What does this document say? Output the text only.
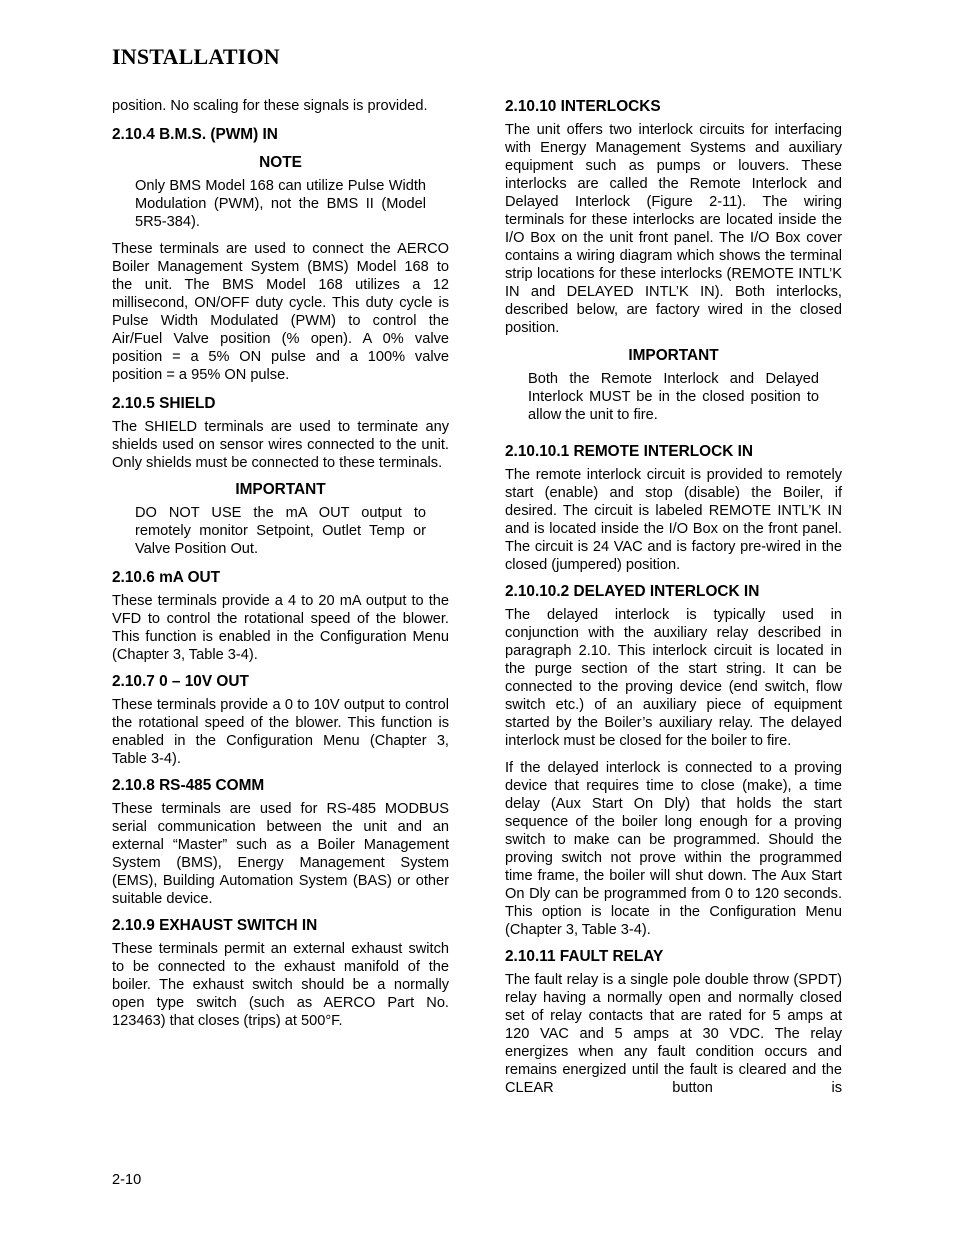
INSTALLATION

position. No scaling for these signals is provided.

2.10.4 B.M.S. (PWM) IN
NOTE

Only BMS Model 168 can utilize Pulse Width Modulation (PWM), not the BMS II (Model 5R5-384).

These terminals are used to connect the AERCO Boiler Management System (BMS) Model 168 to the unit. The BMS Model 168 utilizes a 12 millisecond, ON/OFF duty cycle. This duty cycle is Pulse Width Modulated (PWM) to control the Air/Fuel Valve position (% open). A 0% valve position = a 5% ON pulse and a 100% valve position = a 95% ON pulse.

2.10.5 SHIELD

The SHIELD terminals are used to terminate any shields used on sensor wires connected to the unit. Only shields must be connected to these terminals.

IMPORTANT

DO NOT USE the mA OUT output to remotely monitor Setpoint, Outlet Temp or Valve Position Out.

2.10.6 mA OUT

These terminals provide a 4 to 20 mA output to the VFD to control the rotational speed of the blower. This function is enabled in the Configuration Menu (Chapter 3, Table 3-4).

2.10.7 0 – 10V OUT

These terminals provide a 0 to 10V output to control the rotational speed of the blower. This function is enabled in the Configuration Menu (Chapter 3, Table 3-4).

2.10.8 RS-485 COMM

These terminals are used for RS-485 MODBUS serial communication between the unit and an external “Master” such as a Boiler Management System (BMS), Energy Management System (EMS), Building Automation System (BAS) or other suitable device.

2.10.9 EXHAUST SWITCH IN

These terminals permit an external exhaust switch to be connected to the exhaust manifold of the boiler. The exhaust switch should be a normally open type switch (such as AERCO Part No. 123463) that closes (trips) at 500°F.

2.10.10 INTERLOCKS

The unit offers two interlock circuits for interfacing with Energy Management Systems and auxiliary equipment such as pumps or louvers. These interlocks are called the Remote Interlock and Delayed Interlock (Figure 2-11). The wiring terminals for these interlocks are located inside the I/O Box on the unit front panel. The I/O Box cover contains a wiring diagram which shows the terminal strip locations for these interlocks (REMOTE INTL’K IN and DELAYED INTL’K IN). Both interlocks, described below, are factory wired in the closed position.

IMPORTANT

Both the Remote Interlock and Delayed Interlock MUST be in the closed position to allow the unit to fire.

2.10.10.1 REMOTE INTERLOCK IN

The remote interlock circuit is provided to remotely start (enable) and stop (disable) the Boiler, if desired. The circuit is labeled REMOTE INTL’K IN and is located inside the I/O Box on the front panel. The circuit is 24 VAC and is factory pre-wired in the closed (jumpered) position.

2.10.10.2 DELAYED INTERLOCK IN

The delayed interlock is typically used in conjunction with the auxiliary relay described in paragraph 2.10. This interlock circuit is located in the purge section of the start string. It can be connected to the proving device (end switch, flow switch etc.) of an auxiliary piece of equipment started by the Boiler’s auxiliary relay. The delayed interlock must be closed for the boiler to fire.

If the delayed interlock is connected to a proving device that requires time to close (make), a time delay (Aux Start On Dly) that holds the start sequence of the boiler long enough for a proving switch to make can be programmed. Should the proving switch not prove within the programmed time frame, the boiler will shut down. The Aux Start On Dly can be programmed from 0 to 120 seconds. This option is locate in the Configuration Menu (Chapter 3, Table 3-4).

2.10.11 FAULT RELAY

The fault relay is a single pole double throw (SPDT) relay having a normally open and normally closed set of relay contacts that are rated for 5 amps at 120 VAC and 5 amps at 30 VDC. The relay energizes when any fault condition occurs and remains energized until the fault is cleared and the CLEAR button is

2-10
